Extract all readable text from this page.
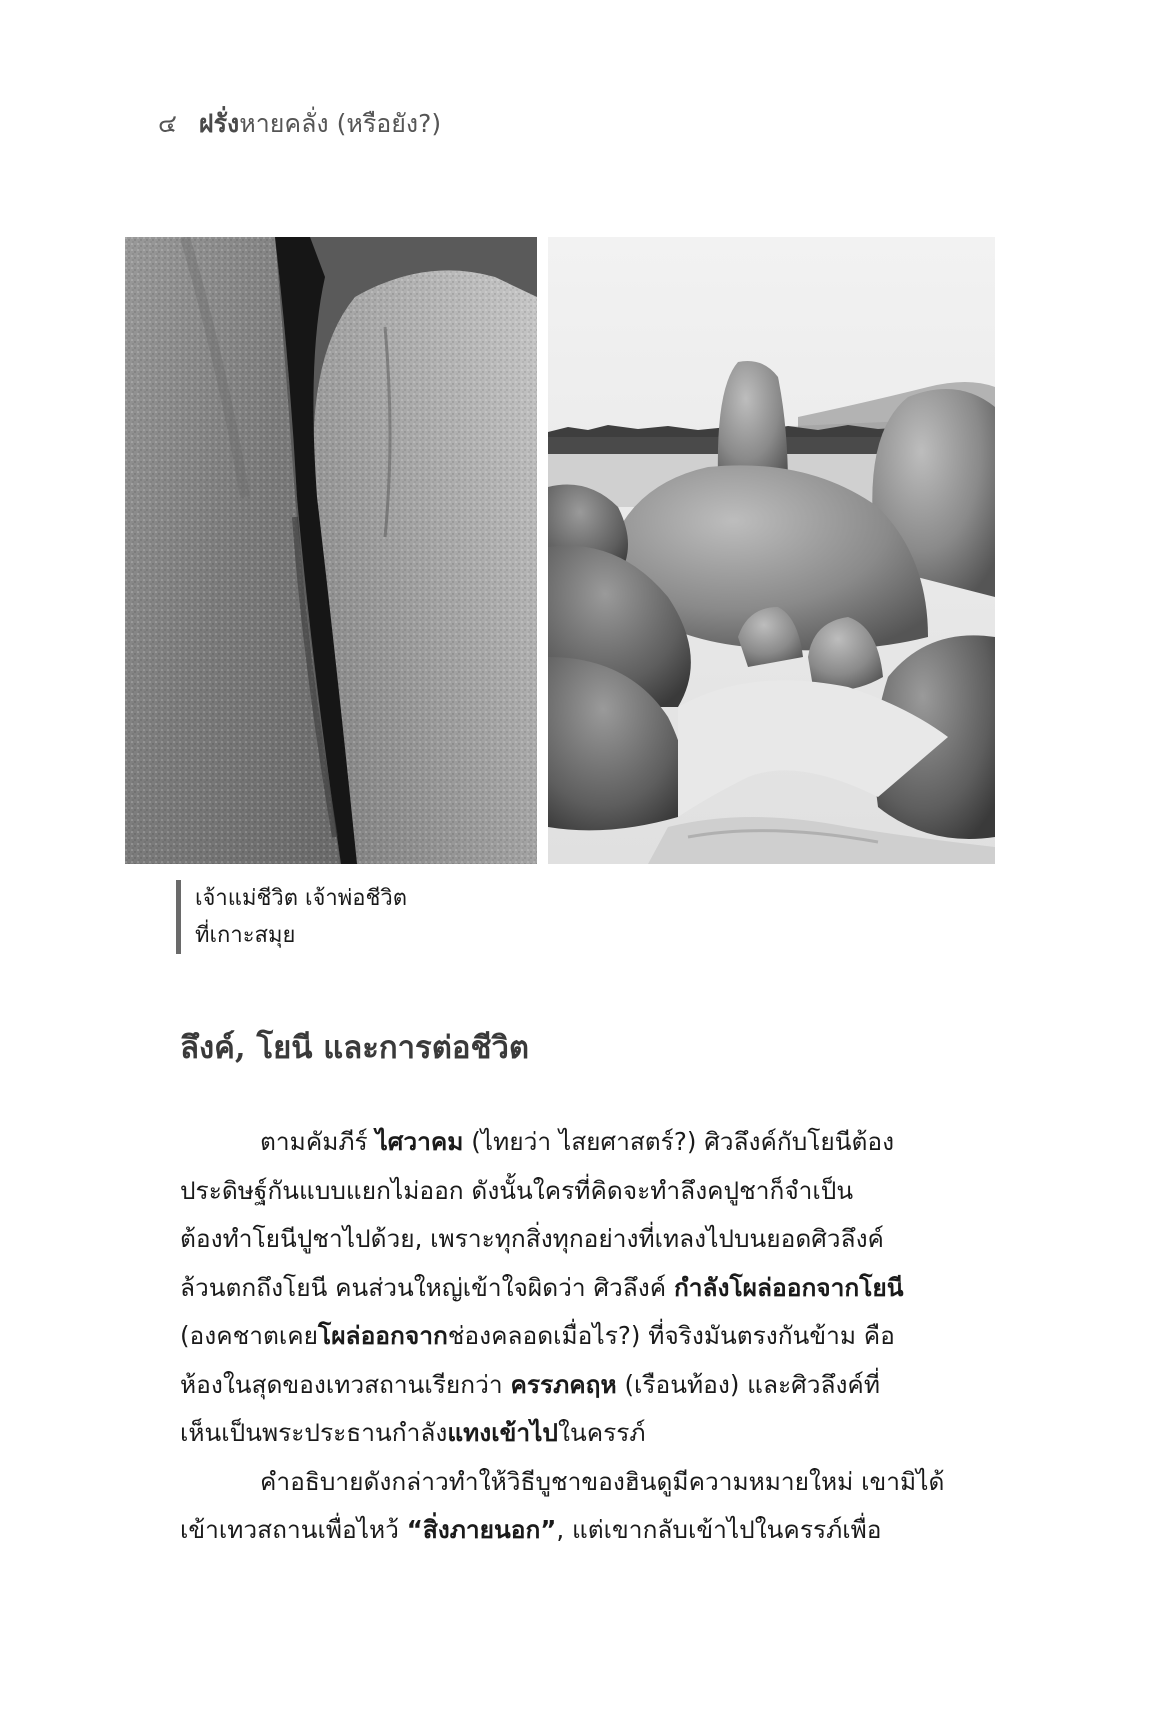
๔ ฝรั่งหายคลั่ง (หรือยัง?)
เจ้าแม่ชีวิต เจ้าพ่อชีวิต
ที่เกาะสมุย
ลึงค์, โยนี และการต่อชีวิต
ตามคัมภีร์ ไศวาคม (ไทยว่า ไสยศาสตร์?) ศิวลึงค์กับโยนีต้อง
ประดิษฐ์กันแบบแยกไม่ออก ดังนั้นใครที่คิดจะทำลึงคปูชาก็จำเป็น
ต้องทำโยนีปูชาไปด้วย, เพราะทุกสิ่งทุกอย่างที่เทลงไปบนยอดศิวลึงค์
ล้วนตกถึงโยนี คนส่วนใหญ่เข้าใจผิดว่า ศิวลึงค์ กำลังโผล่ออกจากโยนี
(องคชาตเคยโผล่ออกจากช่องคลอดเมื่อไร?) ที่จริงมันตรงกันข้าม คือ
ห้องในสุดของเทวสถานเรียกว่า ครรภคฤห (เรือนท้อง) และศิวลึงค์ที่
เห็นเป็นพระประธานกำลังแทงเข้าไปในครรภ์
คำอธิบายดังกล่าวทำให้วิธีบูชาของฮินดูมีความหมายใหม่ เขามิได้
เข้าเทวสถานเพื่อไหว้ “สิ่งภายนอก”, แต่เขากลับเข้าไปในครรภ์เพื่อ
